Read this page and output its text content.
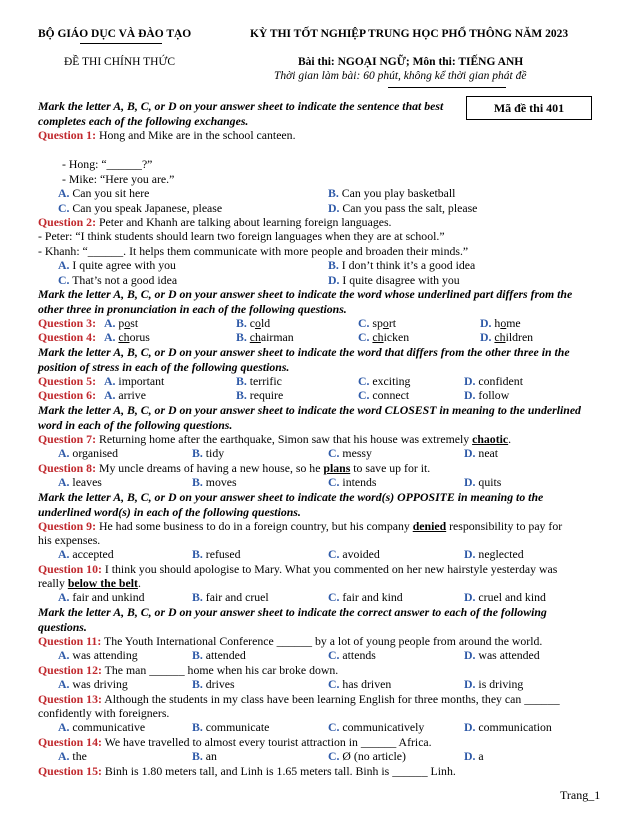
BỘ GIÁO DỤC VÀ ĐÀO TẠO
ĐỀ THI CHÍNH THỨC
KỲ THI TỐT NGHIỆP TRUNG HỌC PHỔ THÔNG NĂM 2023
Bài thi: NGOẠI NGỮ; Môn thi: TIẾNG ANH
Thời gian làm bài: 60 phút, không kể thời gian phát đề
Mã đề thi 401
Mark the letter A, B, C, or D on your answer sheet to indicate the sentence that best completes each of the following exchanges.
Question 1: Hong and Mike are in the school canteen.
- Hong: “______?”
- Mike: “Here you are.”
A. Can you sit here	B. Can you play basketball
C. Can you speak Japanese, please	D. Can you pass the salt, please
Question 2: Peter and Khanh are talking about learning foreign languages.
- Peter: “I think students should learn two foreign languages when they are at school.”
- Khanh: “______. It helps them communicate with more people and broaden their minds.”
A. I quite agree with you	B. I don’t think it’s a good idea
C. That’s not a good idea	D. I quite disagree with you
Mark the letter A, B, C, or D on your answer sheet to indicate the word whose underlined part differs from the other three in pronunciation in each of the following questions.
Question 3: A. post	B. cold	C. sport	D. home
Question 4: A. chorus	B. chairman	C. chicken	D. children
Mark the letter A, B, C, or D on your answer sheet to indicate the word that differs from the other three in the position of stress in each of the following questions.
Question 5: A. important	B. terrific	C. exciting	D. confident
Question 6: A. arrive	B. require	C. connect	D. follow
Mark the letter A, B, C, or D on your answer sheet to indicate the word CLOSEST in meaning to the underlined word in each of the following questions.
Question 7: Returning home after the earthquake, Simon saw that his house was extremely chaotic.
A. organised	B. tidy	C. messy	D. neat
Question 8: My uncle dreams of having a new house, so he plans to save up for it.
A. leaves	B. moves	C. intends	D. quits
Mark the letter A, B, C, or D on your answer sheet to indicate the word(s) OPPOSITE in meaning to the underlined word(s) in each of the following questions.
Question 9: He had some business to do in a foreign country, but his company denied responsibility to pay for
his expenses.
A. accepted	B. refused	C. avoided	D. neglected
Question 10: I think you should apologise to Mary. What you commented on her new hairstyle yesterday was
really below the belt.
A. fair and unkind	B. fair and cruel	C. fair and kind	D. cruel and kind
Mark the letter A, B, C, or D on your answer sheet to indicate the correct answer to each of the following questions.
Question 11: The Youth International Conference ______ by a lot of young people from around the world.
A. was attending	B. attended	C. attends	D. was attended
Question 12: The man ______ home when his car broke down.
A. was driving	B. drives	C. has driven	D. is driving
Question 13: Although the students in my class have been learning English for three months, they can ______
confidently with foreigners.
A. communicative	B. communicate	C. communicatively	D. communication
Question 14: We have travelled to almost every tourist attraction in ______ Africa.
A. the	B. an	C. Ø (no article)	D. a
Question 15: Binh is 1.80 meters tall, and Linh is 1.65 meters tall. Binh is ______ Linh.
Trang_1
